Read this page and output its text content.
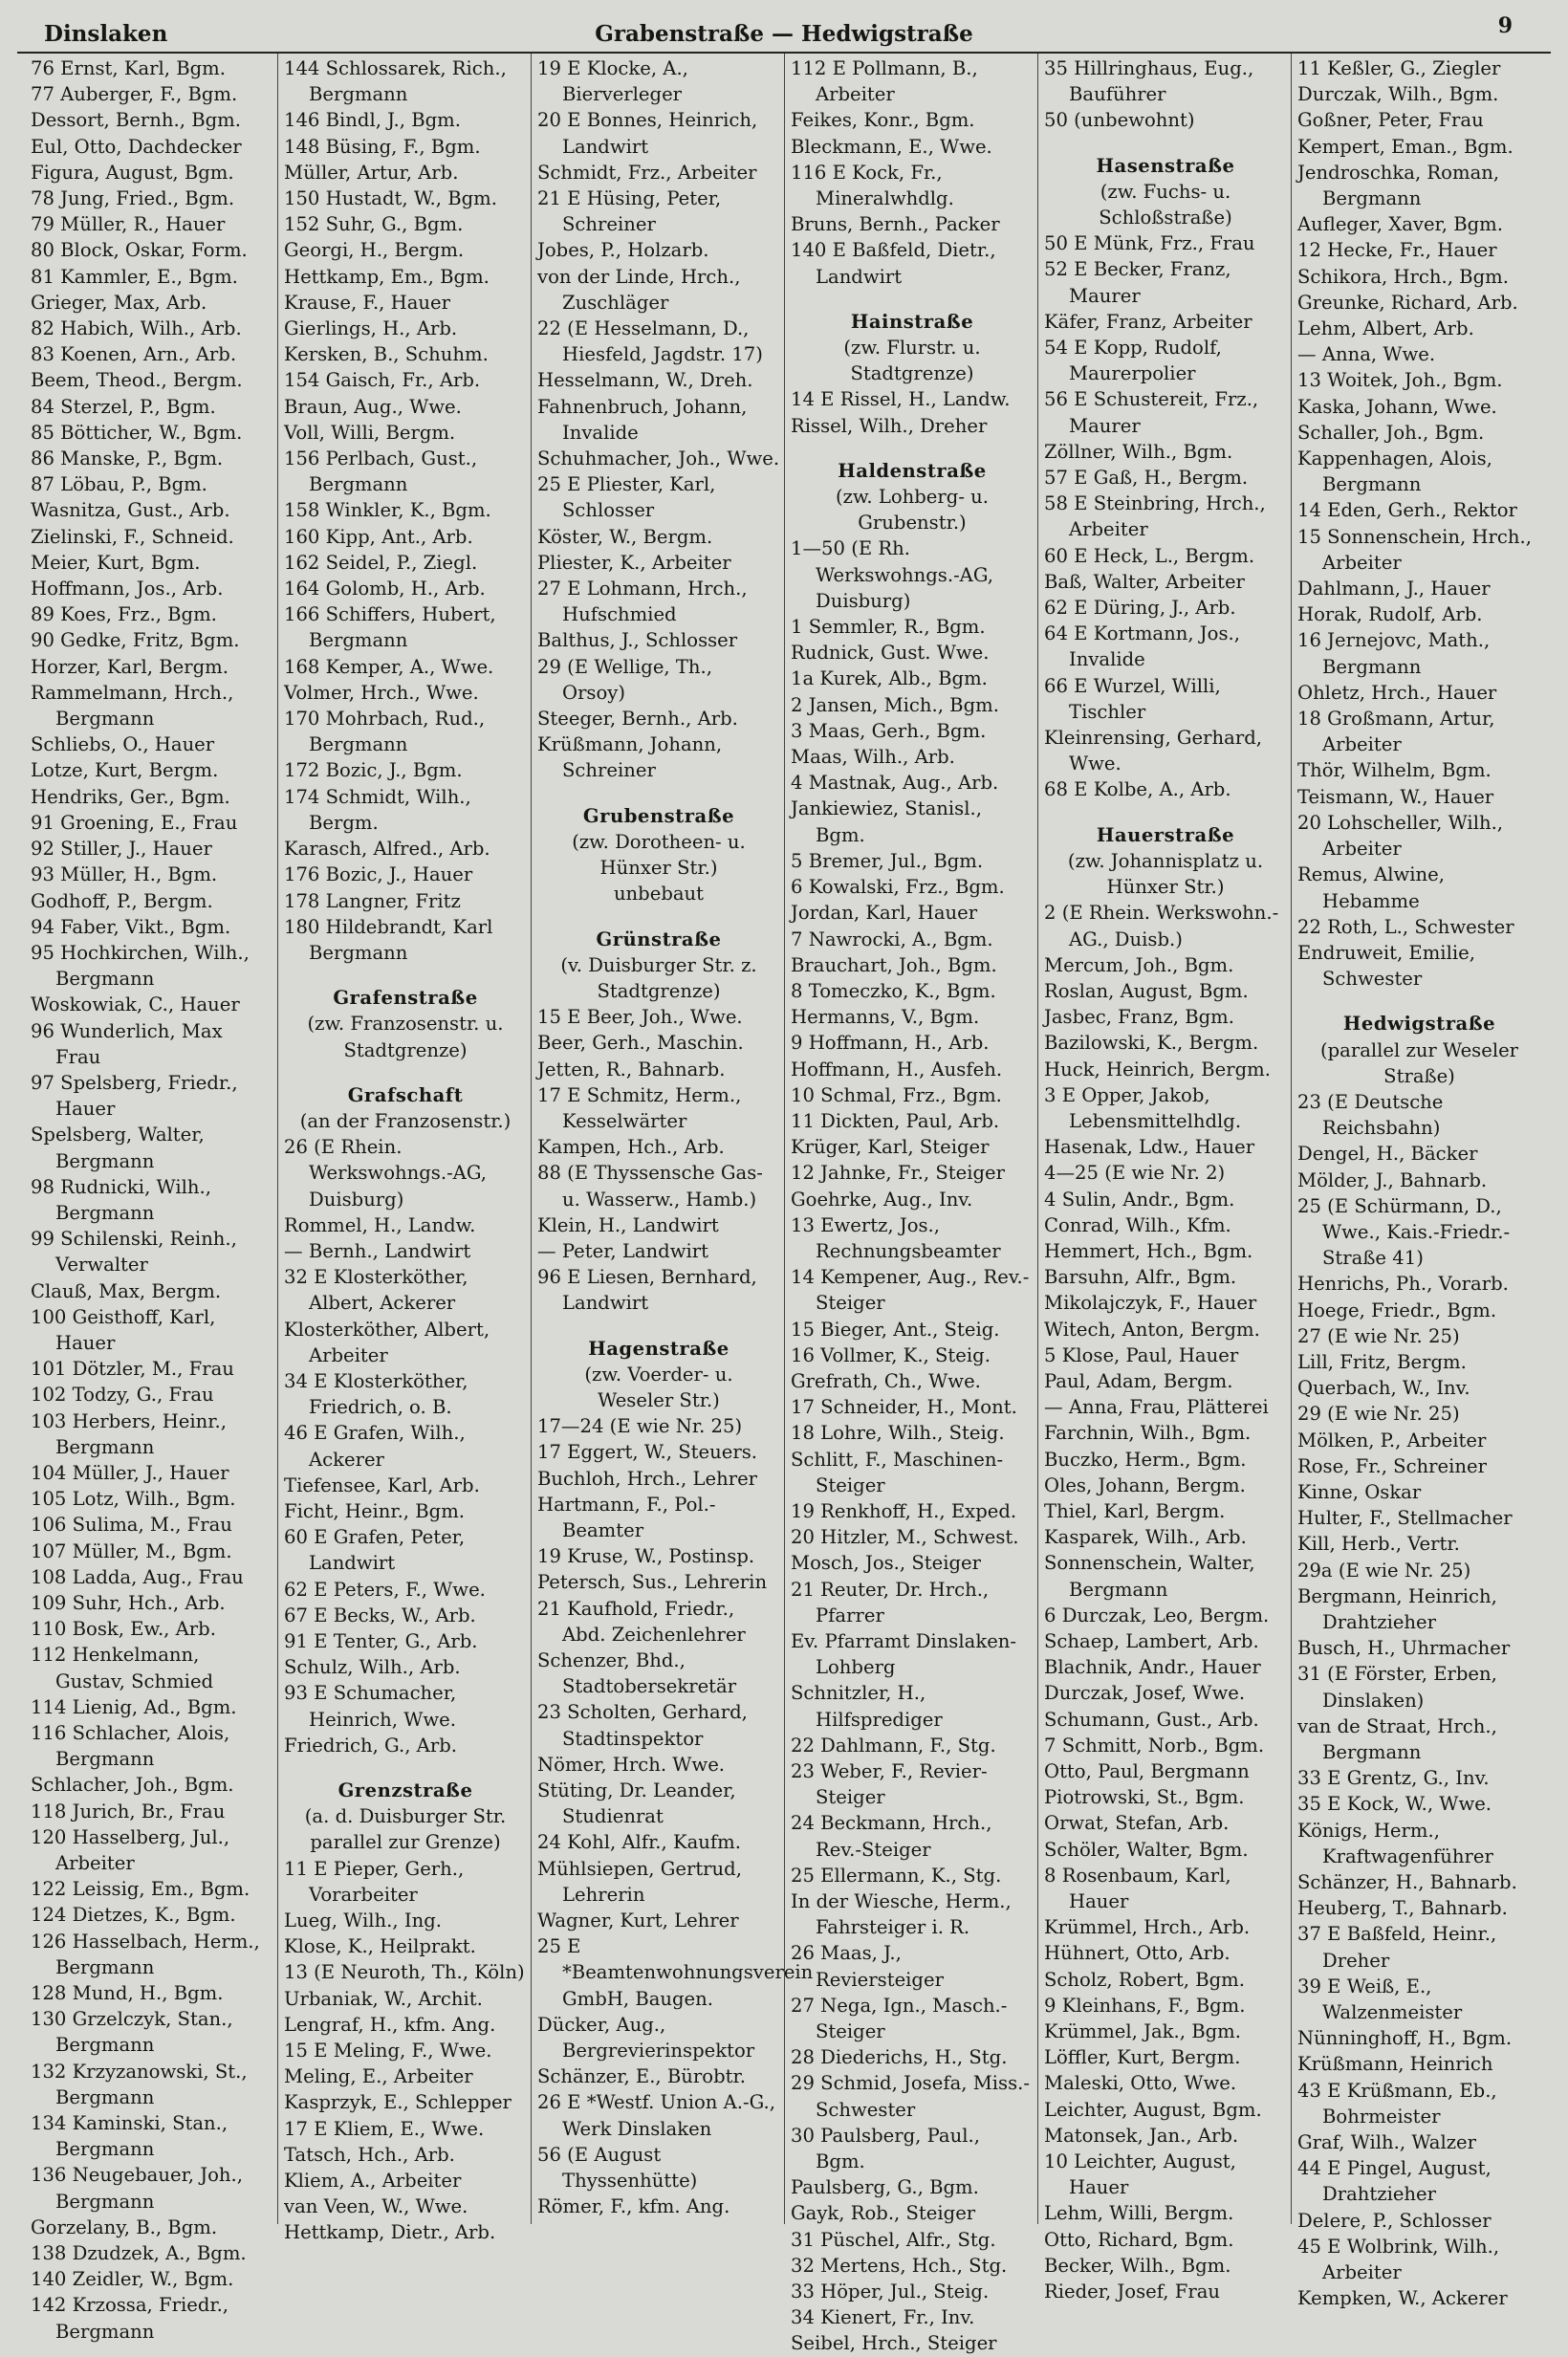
Dinslaken	Grabenstraße — Hedwigstraße	9
76 Ernst, Karl, Bgm.
77 Auberger, F., Bgm.
Dessort, Bernh., Bgm.
Eul, Otto, Dachdecker
Figura, August, Bgm.
78 Jung, Fried., Bgm.
79 Müller, R., Hauer
80 Block, Oskar, Form.
81 Kammler, E., Bgm.
Grieger, Max, Arb.
82 Habich, Wilh., Arb.
83 Koenen, Arn., Arb.
Beem, Theod., Bergm.
84 Sterzel, P., Bgm.
85 Bötticher, W., Bgm.
86 Manske, P., Bgm.
87 Löbau, P., Bgm.
Wasnitza, Gust., Arb.
Zielinski, F., Schneid.
Meier, Kurt, Bgm.
Hoffmann, Jos., Arb.
89 Koes, Frz., Bgm.
90 Gedke, Fritz, Bgm.
Horzer, Karl, Bergm.
Rammelmann, Hrch., Bergmann
Schliebs, O., Hauer
Lotze, Kurt, Bergm.
Hendriks, Ger., Bgm.
91 Groening, E., Frau
92 Stiller, J., Hauer
93 Müller, H., Bgm.
Godhoff, P., Bergm.
94 Faber, Vikt., Bgm.
95 Hochkirchen, Wilh., Bergmann
Woskowiak, C., Hauer
96 Wunderlich, Max Frau
97 Spelsberg, Friedr., Hauer
Spelsberg, Walter, Bergmann
98 Rudnicki, Wilh., Bergmann
99 Schilenski, Reinh., Verwalter
Clauß, Max, Bergm.
100 Geisthoff, Karl, Hauer
101 Dötzler, M., Frau
102 Todzy, G., Frau
103 Herbers, Heinr., Bergmann
104 Müller, J., Hauer
105 Lotz, Wilh., Bgm.
106 Sulima, M., Frau
107 Müller, M., Bgm.
108 Ladda, Aug., Frau
109 Suhr, Hch., Arb.
110 Bosk, Ew., Arb.
112 Henkelmann, Gustav, Schmied
114 Lienig, Ad., Bgm.
116 Schlacher, Alois, Bergmann
Schlacher, Joh., Bgm.
118 Jurich, Br., Frau
120 Hasselberg, Jul., Arbeiter
122 Leissig, Em., Bgm.
124 Dietzes, K., Bgm.
126 Hasselbach, Herm., Bergmann
128 Mund, H., Bgm.
130 Grzelczyk, Stan., Bergmann
132 Krzyzanowski, St., Bergmann
134 Kaminski, Stan., Bergmann
136 Neugebauer, Joh., Bergmann
Gorzelany, B., Bgm.
138 Dzudzek, A., Bgm.
140 Zeidler, W., Bgm.
142 Krzossa, Friedr., Bergmann
144 Schlossarek, Rich., Bergmann
146 Bindl, J., Bgm.
148 Büsing, F., Bgm.
Müller, Artur, Arb.
150 Hustadt, W., Bgm.
152 Suhr, G., Bgm.
Georgi, H., Bergm.
Hettkamp, Em., Bgm.
Krause, F., Hauer
Gierlings, H., Arb.
Kersken, B., Schuhm.
154 Gaisch, Fr., Arb.
Braun, Aug., Wwe.
Voll, Willi, Bergm.
156 Perlbach, Gust., Bergmann
158 Winkler, K., Bgm.
160 Kipp, Ant., Arb.
162 Seidel, P., Ziegl.
164 Golomb, H., Arb.
166 Schiffers, Hubert, Bergmann
168 Kemper, A., Wwe.
Volmer, Hrch., Wwe.
170 Mohrbach, Rud., Bergmann
172 Bozic, J., Bgm.
174 Schmidt, Wilh., Bergm.
Karasch, Alfred., Arb.
176 Bozic, J., Hauer
178 Langner, Fritz
180 Hildebrandt, Karl Bergmann
Grafenstraße
(zw. Franzosenstr. u. Stadtgrenze)
Grafschaft
(an der Franzosenstr.)
26 (E Rhein. Werkswohngs.-AG, Duisburg)
Rommel, H., Landw.
— Bernh., Landwirt
32 E Klosterköther, Albert, Ackerer
Klosterköther, Albert, Arbeiter
34 E Klosterköther, Friedrich, o. B.
46 E Grafen, Wilh., Ackerer
Tiefensee, Karl, Arb.
Ficht, Heinr., Bgm.
60 E Grafen, Peter, Landwirt
62 E Peters, F., Wwe.
67 E Becks, W., Arb.
91 E Tenter, G., Arb.
Schulz, Wilh., Arb.
93 E Schumacher, Heinrich, Wwe.
Friedrich, G., Arb.
Grenzstraße
(a. d. Duisburger Str. parallel zur Grenze)
11 E Pieper, Gerh., Vorarbeiter
Lueg, Wilh., Ing.
Klose, K., Heilprakt.
13 (E Neuroth, Th., Köln)
Urbaniak, W., Archit.
Lengraf, H., kfm. Ang.
15 E Meling, F., Wwe.
Meling, E., Arbeiter
Kasprzyk, E., Schlepper
17 E Kliem, E., Wwe.
Tatsch, Hch., Arb.
Kliem, A., Arbeiter
van Veen, W., Wwe.
Hettkamp, Dietr., Arb.
19 E Klocke, A., Bierverleger
20 E Bonnes, Heinrich, Landwirt
Schmidt, Frz., Arbeiter
21 E Hüsing, Peter, Schreiner
Jobes, P., Holzarb.
von der Linde, Hrch., Zuschläger
22 (E Hesselmann, D., Hiesfeld, Jagdstr. 17)
Hesselmann, W., Dreh.
Fahnenbruch, Johann, Invalide
Schuhmacher, Joh., Wwe.
25 E Pliester, Karl, Schlosser
Köster, W., Bergm.
Pliester, K., Arbeiter
27 E Lohmann, Hrch., Hufschmied
Balthus, J., Schlosser
29 (E Wellige, Th., Orsoy)
Steeger, Bernh., Arb.
Krüßmann, Johann, Schreiner
Grubenstraße
(zw. Dorotheen- u. Hünxer Str.)
unbebaut
Grünstraße
(v. Duisburger Str. z. Stadtgrenze)
15 E Beer, Joh., Wwe.
Beer, Gerh., Maschin.
Jetten, R., Bahnarb.
17 E Schmitz, Herm., Kesselwärter
Kampen, Hch., Arb.
88 (E Thyssensche Gas- u. Wasserw., Hamb.)
Klein, H., Landwirt
— Peter, Landwirt
96 E Liesen, Bernhard, Landwirt
Hagenstraße
(zw. Voerder- u. Weseler Str.)
17—24 (E wie Nr. 25)
17 Eggert, W., Steuers.
Buchloh, Hrch., Lehrer
Hartmann, F., Pol.-Beamter
19 Kruse, W., Postinsp.
Petersch, Sus., Lehrerin
21 Kaufhold, Friedr., Abd. Zeichenlehrer
Schenzer, Bhd., Stadtobersekretär
23 Scholten, Gerhard, Stadtinspektor
Nömer, Hrch. Wwe.
Stüting, Dr. Leander, Studienrat
24 Kohl, Alfr., Kaufm.
Mühlsiepen, Gertrud, Lehrerin
Wagner, Kurt, Lehrer
25 E *Beamtenwohnungsverein GmbH, Baugen.
Dücker, Aug., Bergrevierinspektor
Schänzer, E., Bürobtr.
26 E *Westf. Union A.-G., Werk Dinslaken
56 (E August Thyssenhütte)
Römer, F., kfm. Ang.
112 E Pollmann, B., Arbeiter
Feikes, Konr., Bgm.
Bleckmann, E., Wwe.
116 E Kock, Fr., Mineralwhdlg.
Bruns, Bernh., Packer
140 E Baßfeld, Dietr., Landwirt
Hainstraße
(zw. Flurstr. u. Stadtgrenze)
14 E Rissel, H., Landw.
Rissel, Wilh., Dreher
Haldenstraße
(zw. Lohberg- u. Grubenstr.)
1—50 (E Rh. Werkswohngs.-AG, Duisburg)
1 Semmler, R., Bgm.
Rudnick, Gust. Wwe.
1a Kurek, Alb., Bgm.
2 Jansen, Mich., Bgm.
3 Maas, Gerh., Bgm.
Maas, Wilh., Arb.
4 Mastnak, Aug., Arb.
Jankiewiez, Stanisl., Bgm.
5 Bremer, Jul., Bgm.
6 Kowalski, Frz., Bgm.
Jordan, Karl, Hauer
7 Nawrocki, A., Bgm.
Brauchart, Joh., Bgm.
8 Tomeczko, K., Bgm.
Hermanns, V., Bgm.
9 Hoffmann, H., Arb.
Hoffmann, H., Ausfeh.
10 Schmal, Frz., Bgm.
11 Dickten, Paul, Arb.
Krüger, Karl, Steiger
12 Jahnke, Fr., Steiger
Goehrke, Aug., Inv.
13 Ewertz, Jos., Rechnungsbeamter
14 Kempener, Aug., Rev.-Steiger
15 Bieger, Ant., Steig.
16 Vollmer, K., Steig.
Grefrath, Ch., Wwe.
17 Schneider, H., Mont.
18 Lohre, Wilh., Steig.
Schlitt, F., Maschinen-Steiger
19 Renkhoff, H., Exped.
20 Hitzler, M., Schwest.
Mosch, Jos., Steiger
21 Reuter, Dr. Hrch., Pfarrer
Ev. Pfarramt Dinslaken-Lohberg
Schnitzler, H., Hilfsprediger
22 Dahlmann, F., Stg.
23 Weber, F., Revier-Steiger
24 Beckmann, Hrch., Rev.-Steiger
25 Ellermann, K., Stg.
In der Wiesche, Herm., Fahrsteiger i. R.
26 Maas, J., Reviersteiger
27 Nega, Ign., Masch.-Steiger
28 Diederichs, H., Stg.
29 Schmid, Josefa, Miss.-Schwester
30 Paulsberg, Paul., Bgm.
Paulsberg, G., Bgm.
Gayk, Rob., Steiger
31 Püschel, Alfr., Stg.
32 Mertens, Hch., Stg.
33 Höper, Jul., Steig.
34 Kienert, Fr., Inv.
Seibel, Hrch., Steiger
35 Hillringhaus, Eug., Bauführer
50 (unbewohnt)
Hasenstraße
(zw. Fuchs- u. Schloßstraße)
50 E Münk, Frz., Frau
52 E Becker, Franz, Maurer
Käfer, Franz, Arbeiter
54 E Kopp, Rudolf, Maurerpolier
56 E Schustereit, Frz., Maurer
Zöllner, Wilh., Bgm.
57 E Gaß, H., Bergm.
58 E Steinbring, Hrch., Arbeiter
60 E Heck, L., Bergm.
Baß, Walter, Arbeiter
62 E Düring, J., Arb.
64 E Kortmann, Jos., Invalide
66 E Wurzel, Willi, Tischler
Kleinrensing, Gerhard, Wwe.
68 E Kolbe, A., Arb.
Hauerstraße
(zw. Johannisplatz u. Hünxer Str.)
2 (E Rhein. Werkswohn.-AG., Duisb.)
Mercum, Joh., Bgm.
Roslan, August, Bgm.
Jasbec, Franz, Bgm.
Bazilowski, K., Bergm.
Huck, Heinrich, Bergm.
3 E Opper, Jakob, Lebensmittelhdlg.
Hasenak, Ldw., Hauer
4—25 (E wie Nr. 2)
4 Sulin, Andr., Bgm.
Conrad, Wilh., Kfm.
Hemmert, Hch., Bgm.
Barsuhn, Alfr., Bgm.
Mikolajczyk, F., Hauer
Witech, Anton, Bergm.
5 Klose, Paul, Hauer
Paul, Adam, Bergm.
— Anna, Frau, Plätterei
Farchnin, Wilh., Bgm.
Buczko, Herm., Bgm.
Oles, Johann, Bergm.
Thiel, Karl, Bergm.
Kasparek, Wilh., Arb.
Sonnenschein, Walter, Bergmann
6 Durczak, Leo, Bergm.
Schaep, Lambert, Arb.
Blachnik, Andr., Hauer
Durczak, Josef, Wwe.
Schumann, Gust., Arb.
7 Schmitt, Norb., Bgm.
Otto, Paul, Bergmann
Piotrowski, St., Bgm.
Orwat, Stefan, Arb.
Schöler, Walter, Bgm.
8 Rosenbaum, Karl, Hauer
Krümmel, Hrch., Arb.
Hühnert, Otto, Arb.
Scholz, Robert, Bgm.
9 Kleinhans, F., Bgm.
Krümmel, Jak., Bgm.
Löffler, Kurt, Bergm.
Maleski, Otto, Wwe.
Leichter, August, Bgm.
Matonsek, Jan., Arb.
10 Leichter, August, Hauer
Lehm, Willi, Bergm.
Otto, Richard, Bgm.
Becker, Wilh., Bgm.
Rieder, Josef, Frau
11 Keßler, G., Ziegler
Durczak, Wilh., Bgm.
Goßner, Peter, Frau
Kempert, Eman., Bgm.
Jendroschka, Roman, Bergmann
Aufleger, Xaver, Bgm.
12 Hecke, Fr., Hauer
Schikora, Hrch., Bgm.
Greunke, Richard, Arb.
Lehm, Albert, Arb.
— Anna, Wwe.
13 Woitek, Joh., Bgm.
Kaska, Johann, Wwe.
Schaller, Joh., Bgm.
Kappenhagen, Alois, Bergmann
14 Eden, Gerh., Rektor
15 Sonnenschein, Hrch., Arbeiter
Dahlmann, J., Hauer
Horak, Rudolf, Arb.
16 Jernejovc, Math., Bergmann
Ohletz, Hrch., Hauer
18 Großmann, Artur, Arbeiter
Thör, Wilhelm, Bgm.
Teismann, W., Hauer
20 Lohscheller, Wilh., Arbeiter
Remus, Alwine, Hebamme
22 Roth, L., Schwester
Endruweit, Emilie, Schwester
Hedwigstraße
(parallel zur Weseler Straße)
23 (E Deutsche Reichsbahn)
Dengel, H., Bäcker
Mölder, J., Bahnarb.
25 (E Schürmann, D., Wwe., Kais.-Friedr.-Straße 41)
Henrichs, Ph., Vorarb.
Hoege, Friedr., Bgm.
27 (E wie Nr. 25)
Lill, Fritz, Bergm.
Querbach, W., Inv.
29 (E wie Nr. 25)
Mölken, P., Arbeiter
Rose, Fr., Schreiner
Kinne, Oskar
Hulter, F., Stellmacher
Kill, Herb., Vertr.
29a (E wie Nr. 25)
Bergmann, Heinrich, Drahtzieher
Busch, H., Uhrmacher
31 (E Förster, Erben, Dinslaken)
van de Straat, Hrch., Bergmann
33 E Grentz, G., Inv.
35 E Kock, W., Wwe.
Königs, Herm., Kraftwagenführer
Schänzer, H., Bahnarb.
Heuberg, T., Bahnarb.
37 E Baßfeld, Heinr., Dreher
39 E Weiß, E., Walzenmeister
Nünninghoff, H., Bgm.
Krüßmann, Heinrich
43 E Krüßmann, Eb., Bohrmeister
Graf, Wilh., Walzer
44 E Pingel, August, Drahtzieher
Delere, P., Schlosser
45 E Wolbrink, Wilh., Arbeiter
Kempken, W., Ackerer
